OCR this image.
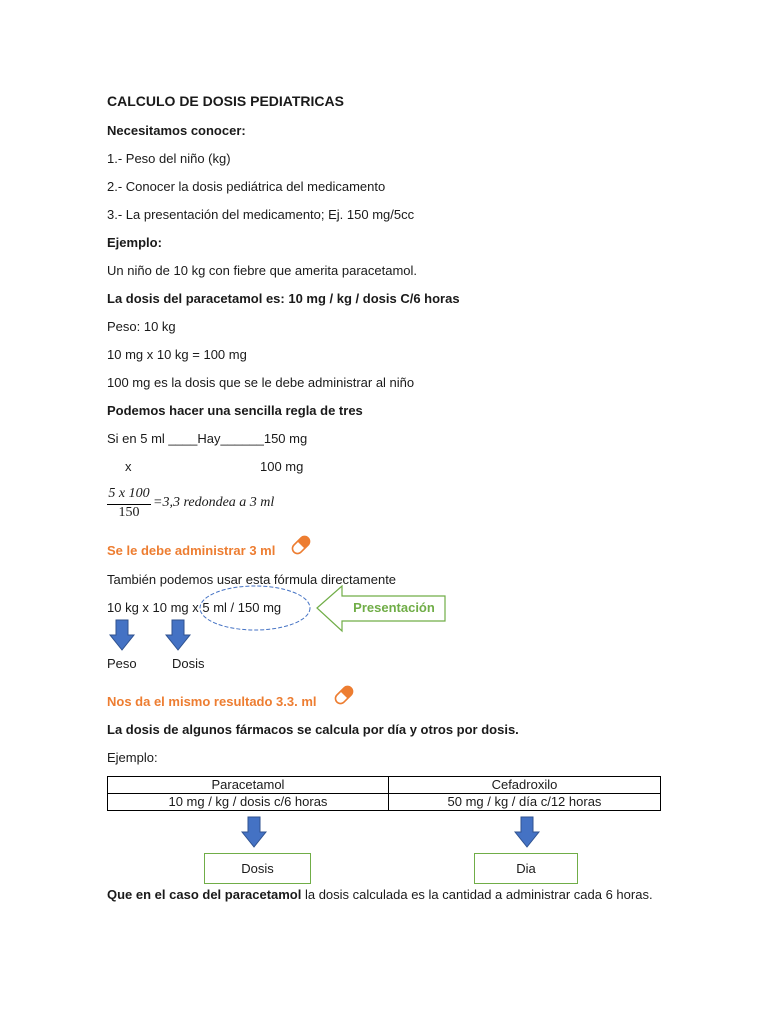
CALCULO DE DOSIS PEDIATRICAS
Necesitamos conocer:
1.- Peso del niño (kg)
2.- Conocer la dosis pediátrica del medicamento
3.- La presentación del medicamento; Ej. 150 mg/5cc
Ejemplo:
Un niño de 10 kg con fiebre que amerita paracetamol.
La dosis del paracetamol es: 10 mg / kg / dosis C/6 horas
Peso: 10 kg
10 mg x 10 kg = 100 mg
100 mg es la dosis que se le debe administrar al niño
Podemos hacer una sencilla regla de tres
Si en 5 ml ____Hay______150 mg
x	100 mg
5 x 100
150
=3,3 redondea a 3 ml
Se le debe administrar 3 ml
También podemos usar esta fórmula directamente
10 kg x 10 mg x 5 ml / 150 mg	Presentación
Peso	Dosis
Nos da el mismo resultado 3.3. ml
La dosis de algunos fármacos se calcula por día y otros por dosis.
Ejemplo:
Paracetamol	Cefadroxilo
10 mg / kg / dosis c/6 horas	50 mg / kg / día c/12 horas
Dosis	Dia
Que en el caso del paracetamol la dosis calculada es la cantidad a administrar cada 6 horas.
